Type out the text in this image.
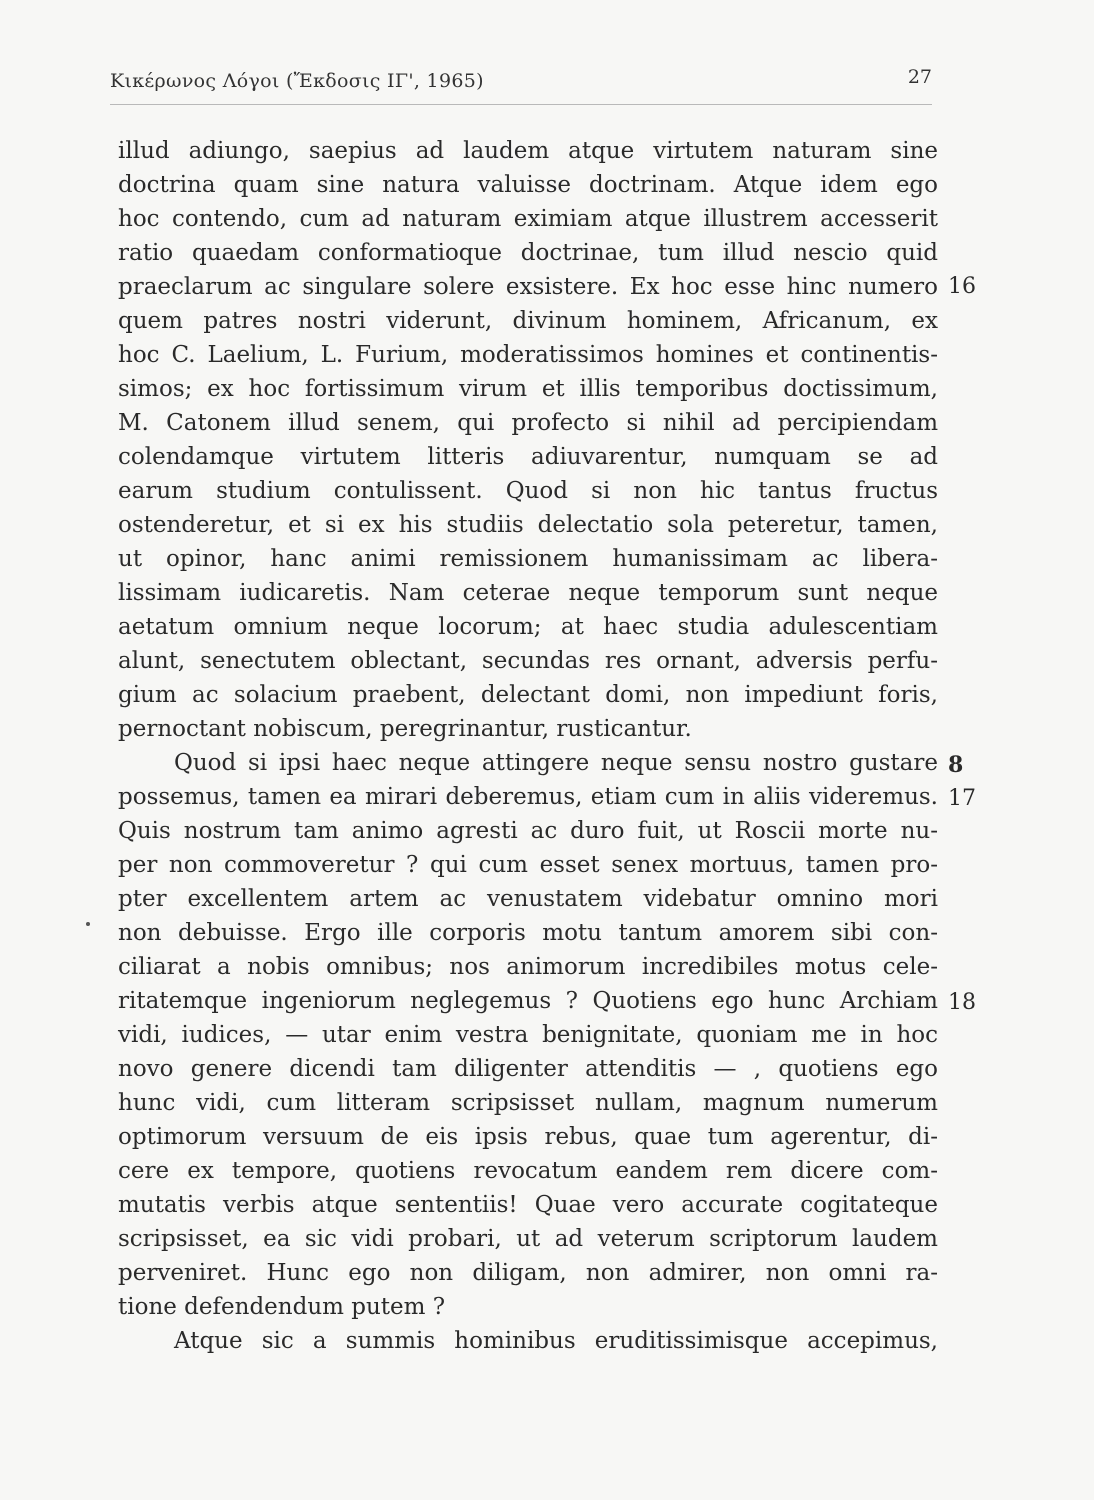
Κικέρωνος Λόγοι (Ἔκδοσις ΙΓ', 1965)	27
illud adiungo, saepius ad laudem atque virtutem naturam sine
doctrina quam sine natura valuisse doctrinam. Atque idem ego
hoc contendo, cum ad naturam eximiam atque illustrem accesserit
ratio quaedam conformatioque doctrinae, tum illud nescio quid
praeclarum ac singulare solere exsistere. Ex hoc esse hinc numero
quem patres nostri viderunt, divinum hominem, Africanum, ex
hoc C. Laelium, L. Furium, moderatissimos homines et continentis-
simos; ex hoc fortissimum virum et illis temporibus doctissimum,
M. Catonem illud senem, qui profecto si nihil ad percipiendam
colendamque virtutem litteris adiuvarentur, numquam se ad
earum studium contulissent. Quod si non hic tantus fructus
ostenderetur, et si ex his studiis delectatio sola peteretur, tamen,
ut opinor, hanc animi remissionem humanissimam ac libera-
lissimam iudicaretis. Nam ceterae neque temporum sunt neque
aetatum omnium neque locorum; at haec studia adulescentiam
alunt, senectutem oblectant, secundas res ornant, adversis perfu-
gium ac solacium praebent, delectant domi, non impediunt foris,
pernoctant nobiscum, peregrinantur, rusticantur.
Quod si ipsi haec neque attingere neque sensu nostro gustare
possemus, tamen ea mirari deberemus, etiam cum in aliis videremus.
Quis nostrum tam animo agresti ac duro fuit, ut Roscii morte nu-
per non commoveretur ? qui cum esset senex mortuus, tamen pro-
pter excellentem artem ac venustatem videbatur omnino mori
non debuisse. Ergo ille corporis motu tantum amorem sibi con-
ciliarat a nobis omnibus; nos animorum incredibiles motus cele-
ritatemque ingeniorum neglegemus ? Quotiens ego hunc Archiam
vidi, iudices, — utar enim vestra benignitate, quoniam me in hoc
novo genere dicendi tam diligenter attenditis — , quotiens ego
hunc vidi, cum litteram scripsisset nullam, magnum numerum
optimorum versuum de eis ipsis rebus, quae tum agerentur, di-
cere ex tempore, quotiens revocatum eandem rem dicere com-
mutatis verbis atque sententiis! Quae vero accurate cogitateque
scripsisset, ea sic vidi probari, ut ad veterum scriptorum laudem
perveniret. Hunc ego non diligam, non admirer, non omni ra-
tione defendendum putem ?
Atque sic a summis hominibus eruditissimisque accepimus,
16
8
17
18
